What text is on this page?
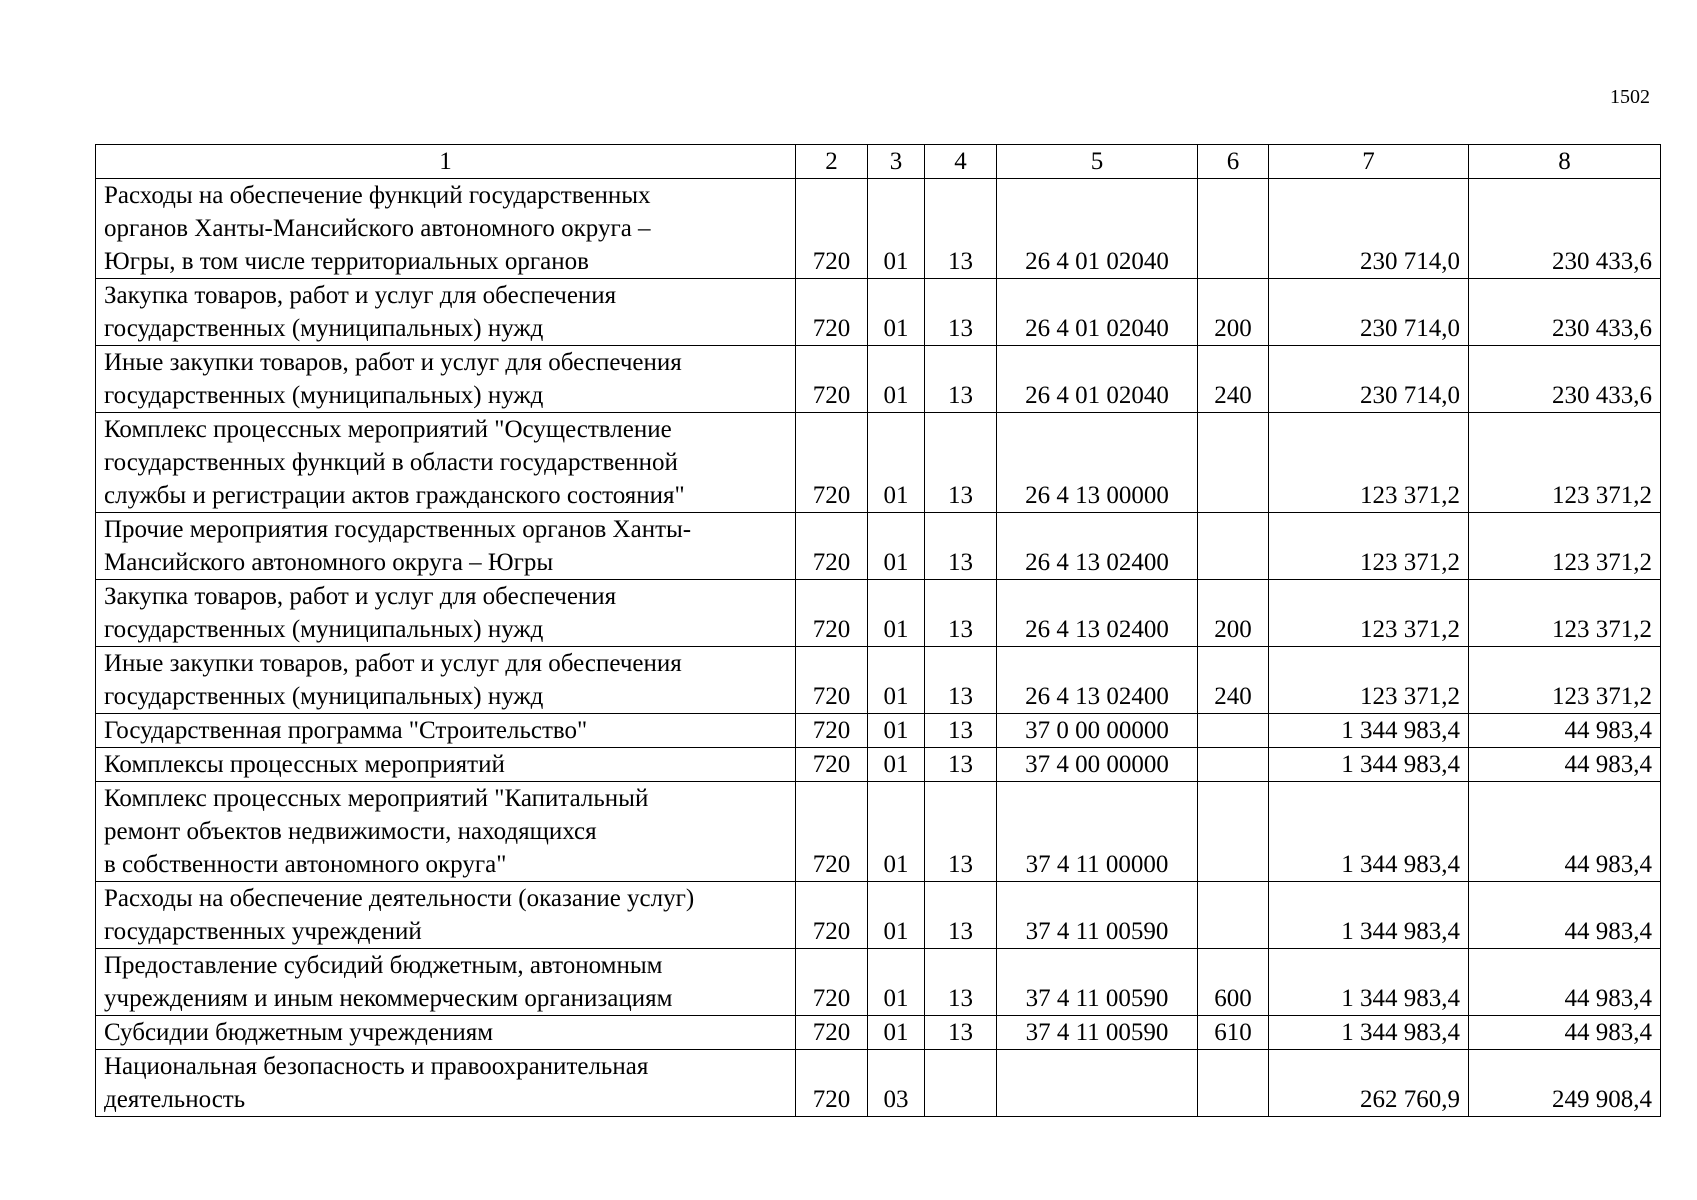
1502
1	2	3	4	5	6	7	8
Расходы на обеспечение функций государственных
органов Ханты-Мансийского автономного округа –
Югры, в том числе территориальных органов	720	01	13	26 4 01 02040		230 714,0	230 433,6
Закупка товаров, работ и услуг для обеспечения
государственных (муниципальных) нужд	720	01	13	26 4 01 02040	200	230 714,0	230 433,6
Иные закупки товаров, работ и услуг для обеспечения
государственных (муниципальных) нужд	720	01	13	26 4 01 02040	240	230 714,0	230 433,6
Комплекс процессных мероприятий "Осуществление
государственных функций в области государственной
службы и регистрации актов гражданского состояния"	720	01	13	26 4 13 00000		123 371,2	123 371,2
Прочие мероприятия государственных органов Ханты-
Мансийского автономного округа – Югры	720	01	13	26 4 13 02400		123 371,2	123 371,2
Закупка товаров, работ и услуг для обеспечения
государственных (муниципальных) нужд	720	01	13	26 4 13 02400	200	123 371,2	123 371,2
Иные закупки товаров, работ и услуг для обеспечения
государственных (муниципальных) нужд	720	01	13	26 4 13 02400	240	123 371,2	123 371,2
Государственная программа "Строительство"	720	01	13	37 0 00 00000		1 344 983,4	44 983,4
Комплексы процессных мероприятий	720	01	13	37 4 00 00000		1 344 983,4	44 983,4
Комплекс процессных мероприятий "Капитальный
ремонт объектов недвижимости, находящихся
в собственности автономного округа"	720	01	13	37 4 11 00000		1 344 983,4	44 983,4
Расходы на обеспечение деятельности (оказание услуг)
государственных учреждений	720	01	13	37 4 11 00590		1 344 983,4	44 983,4
Предоставление субсидий бюджетным, автономным
учреждениям и иным некоммерческим организациям	720	01	13	37 4 11 00590	600	1 344 983,4	44 983,4
Субсидии бюджетным учреждениям	720	01	13	37 4 11 00590	610	1 344 983,4	44 983,4
Национальная безопасность и правоохранительная
деятельность	720	03				262 760,9	249 908,4
